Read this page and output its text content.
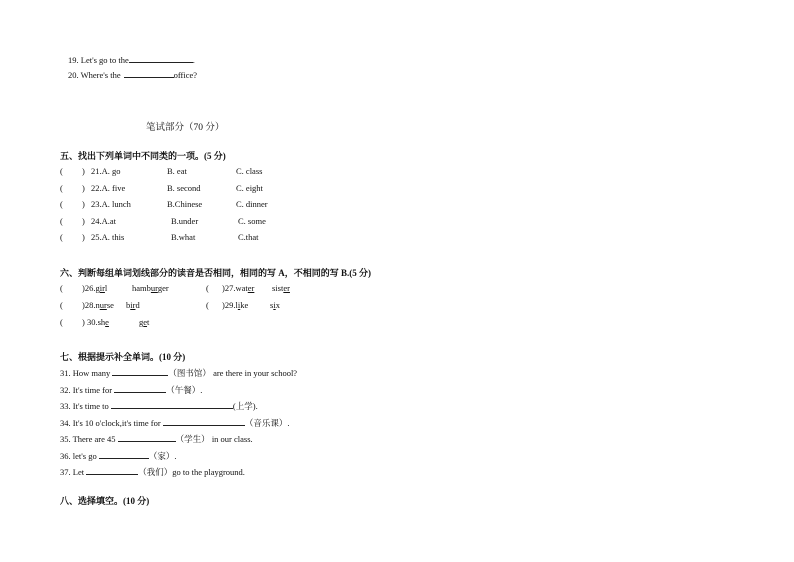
19. Let's go to the	.
20. Where's the	office?
笔试部分（70 分）
五、找出下列单词中不同类的一项。(5 分)
( ) 21.A. go	B. eat	C. class
( ) 22.A. five	B. second	C. eight
( ) 23.A. lunch	B.Chinese	C. dinner
( ) 24.A.at	B.under	C. some
( ) 25.A. this	B.what	C.that
六、判断每组单词划线部分的读音是否相同，相同的写 A，不相同的写 B.(5 分)
( )26.girl	hamburger	( )27.water sister
( )28.nurse bird	( )29.like	six
( ) 30.she	get
七、根据提示补全单词。(10 分)
31. How many	（图书馆） are there in your school?
32. It's time for	（午餐）.
33. It's time to	(上学).
34. It's 10 o'clock,it's time for	（音乐课）.
35. There are 45	（学生） in our class.
36. let's go	（家）.
37. Let	（我们）go to the playground.
八、选择填空。(10 分)
